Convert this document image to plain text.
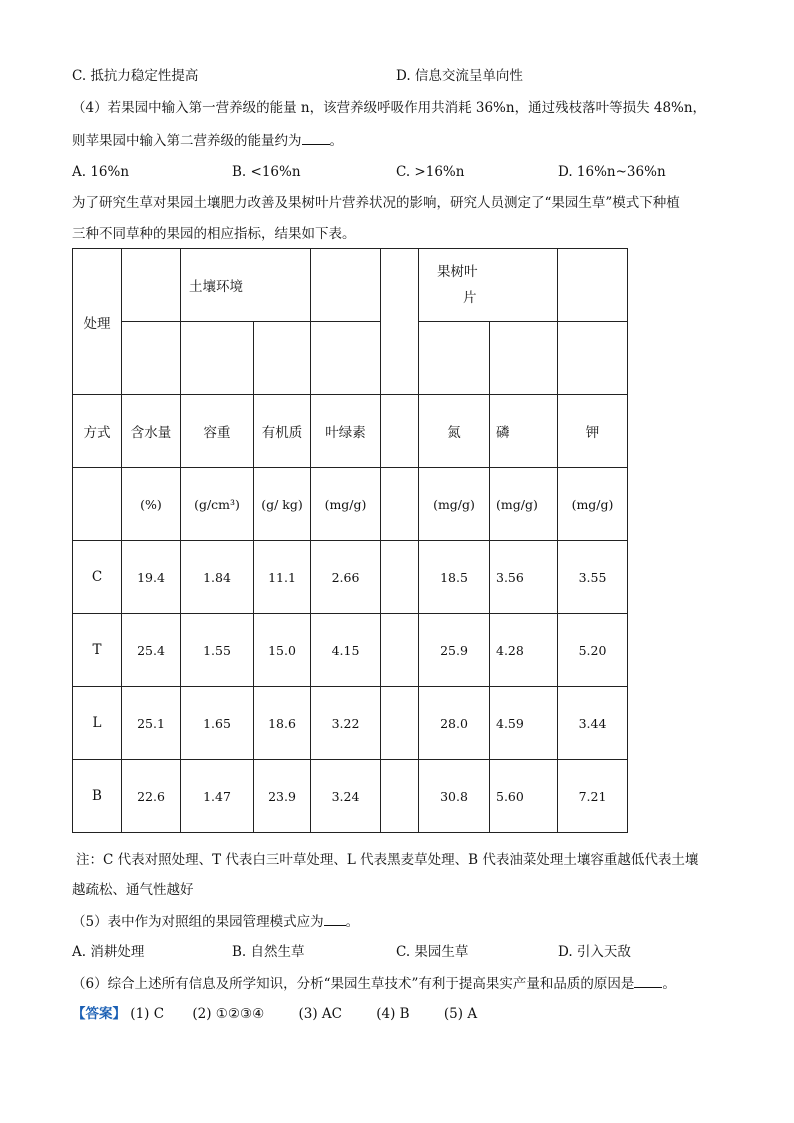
C. 抵抗力稳定性提高	D. 信息交流呈单向性
（4）若果园中输入第一营养级的能量 n，该营养级呼吸作用共消耗 36%n，通过残枝落叶等损失 48%n，
则苹果园中输入第二营养级的能量约为 。
A. 16%n	B. <16%n	C. >16%n	D. 16%n~36%n
为了研究生草对果园土壤肥力改善及果树叶片营养状况的影响，研究人员测定了“果园生草”模式下种植
三种不同草种的果园的相应指标，结果如下表。
处理		土壤环境				果树叶
片		

方式	含水量	容重	有机质	叶绿素		氮	磷	钾
	(%)	(g/cm³)	(g/ kg)	(mg/g)		(mg/g)	(mg/g)	(mg/g)
C	19.4	1.84	11.1	2.66		18.5	3.56	3.55
T	25.4	1.55	15.0	4.15		25.9	4.28	5.20
L	25.1	1.65	18.6	3.22		28.0	4.59	3.44
B	22.6	1.47	23.9	3.24		30.8	5.60	7.21
注：C 代表对照处理、T 代表白三叶草处理、L 代表黑麦草处理、B 代表油菜处理土壤容重越低代表土壤
越疏松、通气性越好
（5）表中作为对照组的果园管理模式应为 。
A. 消耕处理	B. 自然生草	C. 果园生草	D. 引入天敌
（6）综合上述所有信息及所学知识，分析“果园生草技术”有利于提高果实产量和品质的原因是 。
【答案】 (1) C (2) ①②③④	(3) AC	(4) B	(5) A
